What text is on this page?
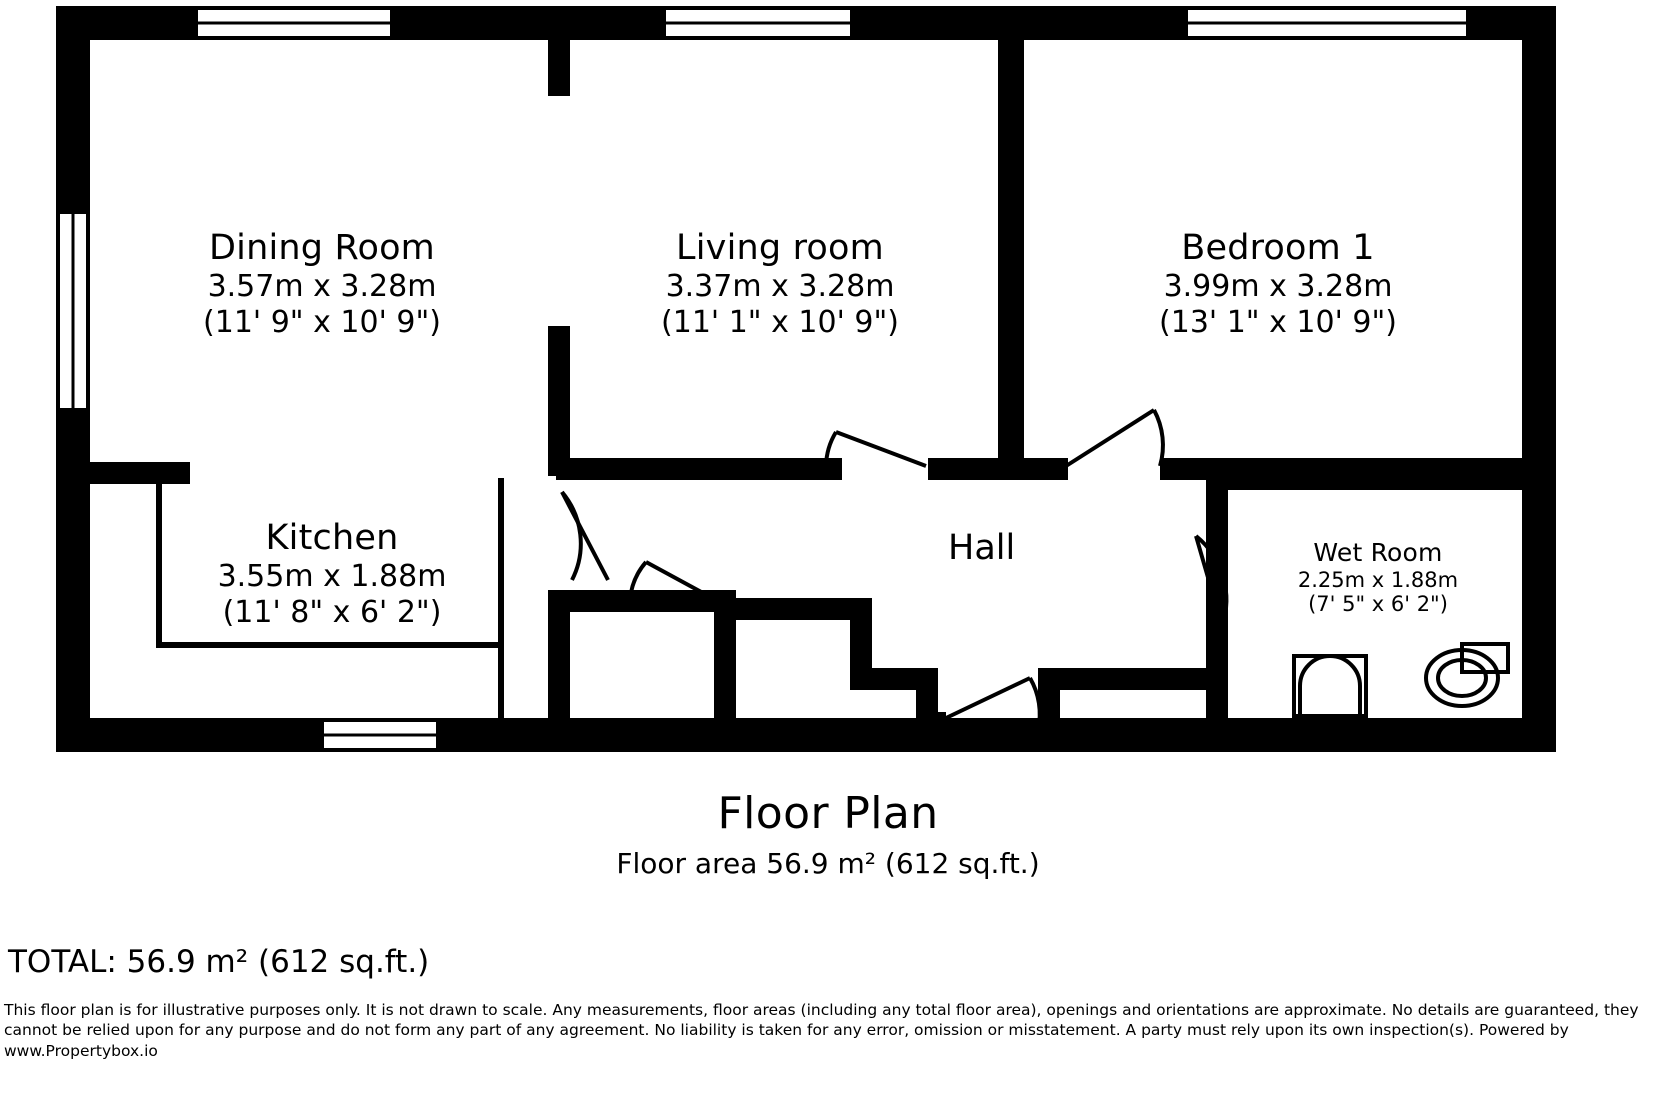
Dining Room
3.57m x 3.28m
(11' 9" x 10' 9")
Living room
3.37m x 3.28m
(11' 1" x 10' 9")
Bedroom 1
3.99m x 3.28m
(13' 1" x 10' 9")
Kitchen
3.55m x 1.88m
(11' 8" x 6' 2")
Wet Room
2.25m x 1.88m
(7' 5" x 6' 2")
Hall
Floor Plan
Floor area 56.9 m² (612 sq.ft.)
TOTAL: 56.9 m² (612 sq.ft.)
This floor plan is for illustrative purposes only. It is not drawn to scale. Any measurements, floor areas (including any total floor area), openings and orientations are approximate. No details are guaranteed, they cannot be relied upon for any purpose and do not form any part of any agreement. No liability is taken for any error, omission or misstatement. A party must rely upon its own inspection(s). Powered by www.Propertybox.io
